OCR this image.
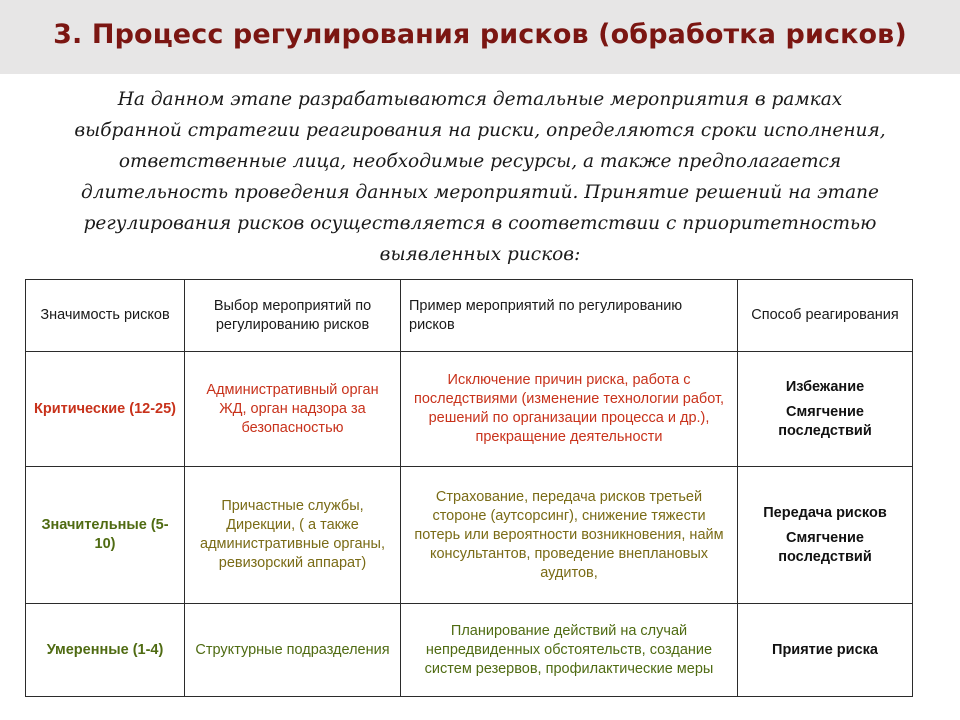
3. Процесс регулирования рисков (обработка рисков)
На данном этапе разрабатываются детальные мероприятия в рамках
выбранной стратегии реагирования на риски, определяются сроки исполнения,
ответственные лица, необходимые ресурсы, а также предполагается
длительность проведения данных мероприятий. Принятие решений на этапе
регулирования рисков осуществляется в соответствии с приоритетностью
выявленных рисков:
Значимость рисков	Выбор мероприятий по регулированию рисков	Пример мероприятий по регулированию рисков	Способ реагирования
Критические (12-25)	Административный орган ЖД, орган надзора за безопасностью	Исключение причин риска, работа с последствиями (изменение технологии работ, решений по организации процесса и др.), прекращение деятельности	Избежание
Смягчение последствий

Значительные (5-10)	Причастные службы, Дирекции, ( а также административные органы, ревизорский аппарат)	Страхование, передача рисков третьей стороне (аутсорсинг), снижение тяжести потерь или вероятности возникновения, найм консультантов, проведение внеплановых аудитов,	Передача рисков
Смягчение последствий

Умеренные (1-4)	Структурные подразделения	Планирование действий на случай непредвиденных обстоятельств, создание систем резервов, профилактические меры	Приятие риска
